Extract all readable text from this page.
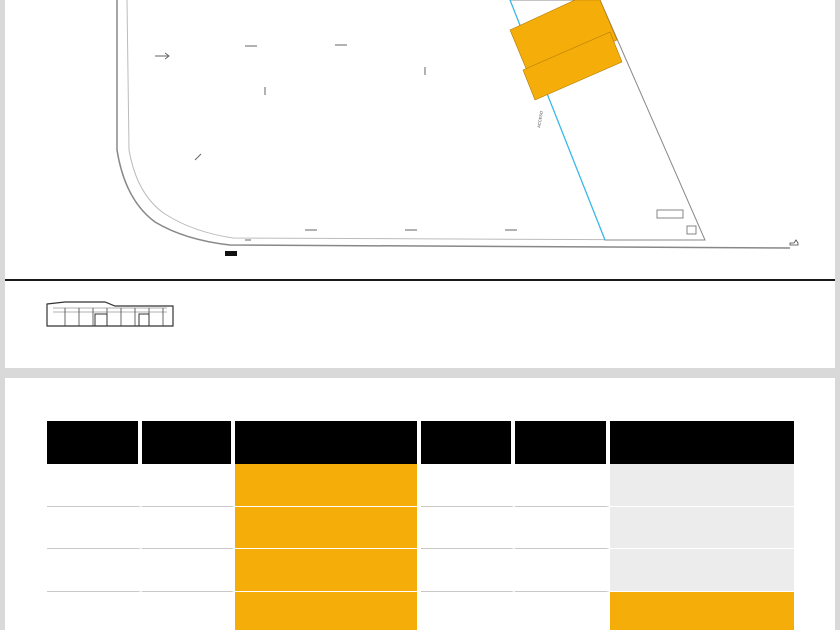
ACCESO
